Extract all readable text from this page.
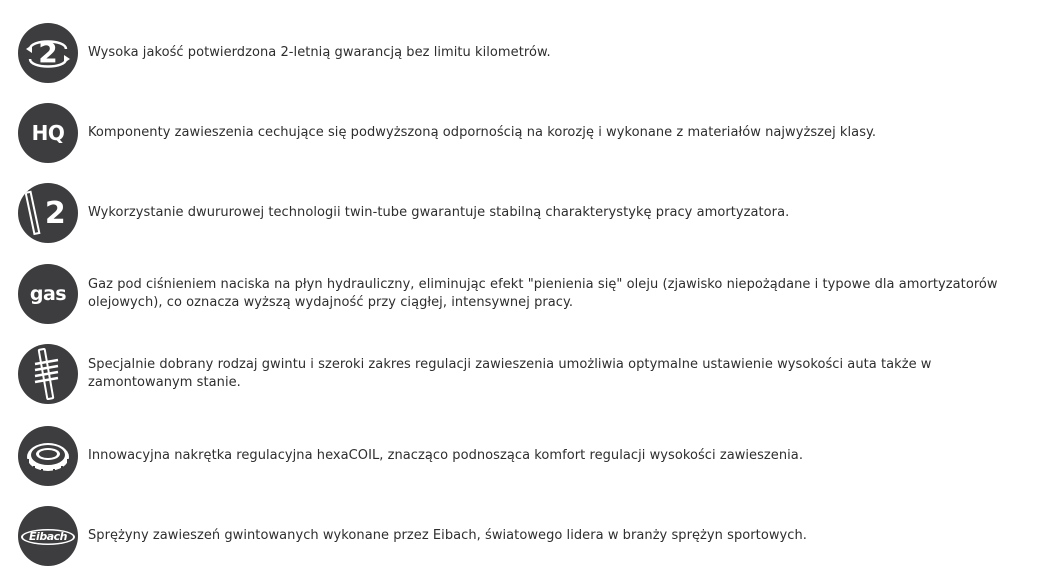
2 Wysoka jakość potwierdzona 2-letnią gwarancją bez limitu kilometrów.
HQ Komponenty zawieszenia cechujące się podwyższoną odpornością na korozję i wykonane z materiałów najwyższej klasy.
2 Wykorzystanie dwururowej technologii twin-tube gwarantuje stabilną charakterystykę pracy amortyzatora.
gas Gaz pod ciśnieniem naciska na płyn hydrauliczny, eliminując efekt "pienienia się" oleju (zjawisko niepożądane i typowe dla amortyzatorów olejowych), co oznacza wyższą wydajność przy ciągłej, intensywnej pracy.
Specjalnie dobrany rodzaj gwintu i szeroki zakres regulacji zawieszenia umożliwia optymalne ustawienie wysokości auta także w zamontowanym stanie.
Innowacyjna nakrętka regulacyjna hexaCOIL, znacząco podnosząca komfort regulacji wysokości zawieszenia.
Eibach Sprężyny zawieszeń gwintowanych wykonane przez Eibach, światowego lidera w branży sprężyn sportowych.
